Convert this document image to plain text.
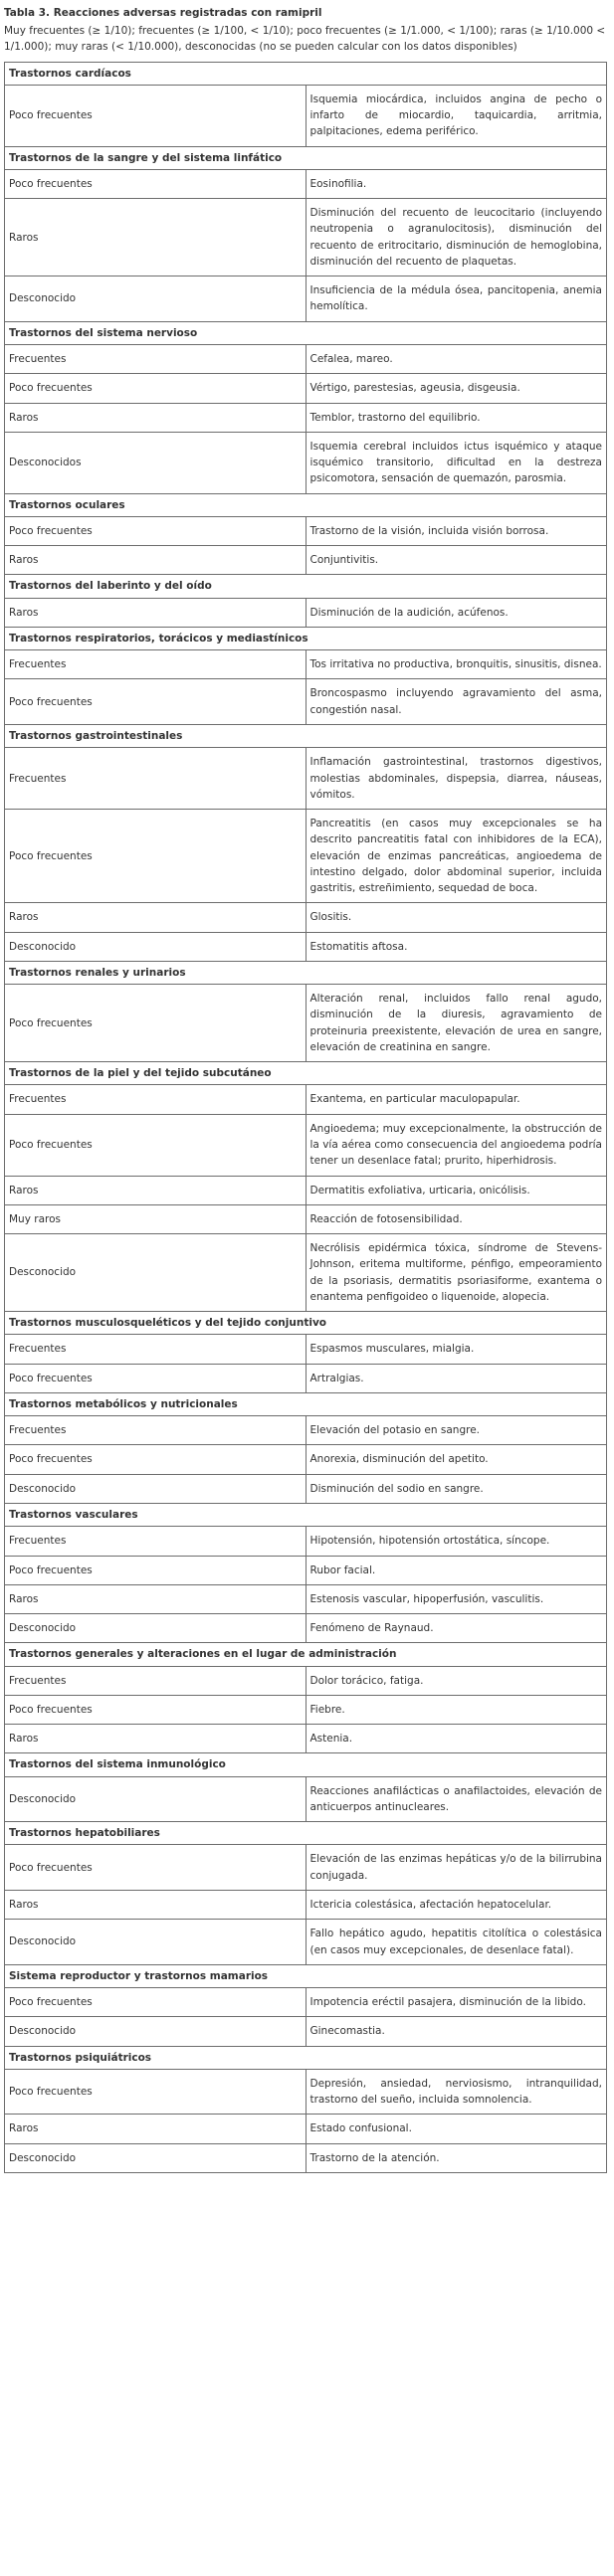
Tabla 3. Reacciones adversas registradas con ramipril

Muy frecuentes (≥ 1/10); frecuentes (≥ 1/100, < 1/10); poco frecuentes (≥ 1/1.000, < 1/100); raras (≥ 1/10.000 < 1/1.000); muy raras (< 1/10.000), desconocidas (no se pueden calcular con los datos disponibles)

Trastornos cardíacos	
Poco frecuentes	Isquemia miocárdica, incluidos angina de pecho o infarto de miocardio, taquicardia, arritmia, palpitaciones, edema periférico.
Trastornos de la sangre y del sistema linfático	
Poco frecuentes	Eosinofilia.
Raros	Disminución del recuento de leucocitario (incluyendo neutropenia o agranulocitosis), disminución del recuento de eritrocitario, disminución de hemoglobina, disminución del recuento de plaquetas.
Desconocido	Insuficiencia de la médula ósea, pancitopenia, anemia hemolítica.
Trastornos del sistema nervioso	
Frecuentes	Cefalea, mareo.
Poco frecuentes	Vértigo, parestesias, ageusia, disgeusia.
Raros	Temblor, trastorno del equilibrio.
Desconocidos	Isquemia cerebral incluidos ictus isquémico y ataque isquémico transitorio, dificultad en la destreza psicomotora, sensación de quemazón, parosmia.
Trastornos oculares	
Poco frecuentes	Trastorno de la visión, incluida visión borrosa.
Raros	Conjuntivitis.
Trastornos del laberinto y del oído	
Raros	Disminución de la audición, acúfenos.
Trastornos respiratorios, torácicos y mediastínicos	
Frecuentes	Tos irritativa no productiva, bronquitis, sinusitis, disnea.
Poco frecuentes	Broncospasmo incluyendo agravamiento del asma, congestión nasal.
Trastornos gastrointestinales	
Frecuentes	Inflamación gastrointestinal, trastornos digestivos, molestias abdominales, dispepsia, diarrea, náuseas, vómitos.
Poco frecuentes	Pancreatitis (en casos muy excepcionales se ha descrito pancreatitis fatal con inhibidores de la ECA), elevación de enzimas pancreáticas, angioedema de intestino delgado, dolor abdominal superior, incluida gastritis, estreñimiento, sequedad de boca.
Raros	Glositis.
Desconocido	Estomatitis aftosa.
Trastornos renales y urinarios	
Poco frecuentes	Alteración renal, incluidos fallo renal agudo, disminución de la diuresis, agravamiento de proteinuria preexistente, elevación de urea en sangre, elevación de creatinina en sangre.
Trastornos de la piel y del tejido subcutáneo	
Frecuentes	Exantema, en particular maculopapular.
Poco frecuentes	Angioedema; muy excepcionalmente, la obstrucción de la vía aérea como consecuencia del angioedema podría tener un desenlace fatal; prurito, hiperhidrosis.
Raros	Dermatitis exfoliativa, urticaria, onicólisis.
Muy raros	Reacción de fotosensibilidad.
Desconocido	Necrólisis epidérmica tóxica, síndrome de Stevens-Johnson, eritema multiforme, pénfigo, empeoramiento de la psoriasis, dermatitis psoriasiforme, exantema o enantema penfigoideo o liquenoide, alopecia.
Trastornos musculosqueléticos y del tejido conjuntivo	
Frecuentes	Espasmos musculares, mialgia.
Poco frecuentes	Artralgias.
Trastornos metabólicos y nutricionales	
Frecuentes	Elevación del potasio en sangre.
Poco frecuentes	Anorexia, disminución del apetito.
Desconocido	Disminución del sodio en sangre.
Trastornos vasculares	
Frecuentes	Hipotensión, hipotensión ortostática, síncope.
Poco frecuentes	Rubor facial.
Raros	Estenosis vascular, hipoperfusión, vasculitis.
Desconocido	Fenómeno de Raynaud.
Trastornos generales y alteraciones en el lugar de administración	
Frecuentes	Dolor torácico, fatiga.
Poco frecuentes	Fiebre.
Raros	Astenia.
Trastornos del sistema inmunológico	
Desconocido	Reacciones anafilácticas o anafilactoides, elevación de anticuerpos antinucleares.
Trastornos hepatobiliares	
Poco frecuentes	Elevación de las enzimas hepáticas y/o de la bilirrubina conjugada.
Raros	Ictericia colestásica, afectación hepatocelular.
Desconocido	Fallo hepático agudo, hepatitis citolítica o colestásica (en casos muy excepcionales, de desenlace fatal).
Sistema reproductor y trastornos mamarios	
Poco frecuentes	Impotencia eréctil pasajera, disminución de la libido.
Desconocido	Ginecomastia.
Trastornos psiquiátricos	
Poco frecuentes	Depresión, ansiedad, nerviosismo, intranquilidad, trastorno del sueño, incluida somnolencia.
Raros	Estado confusional.
Desconocido	Trastorno de la atención.
